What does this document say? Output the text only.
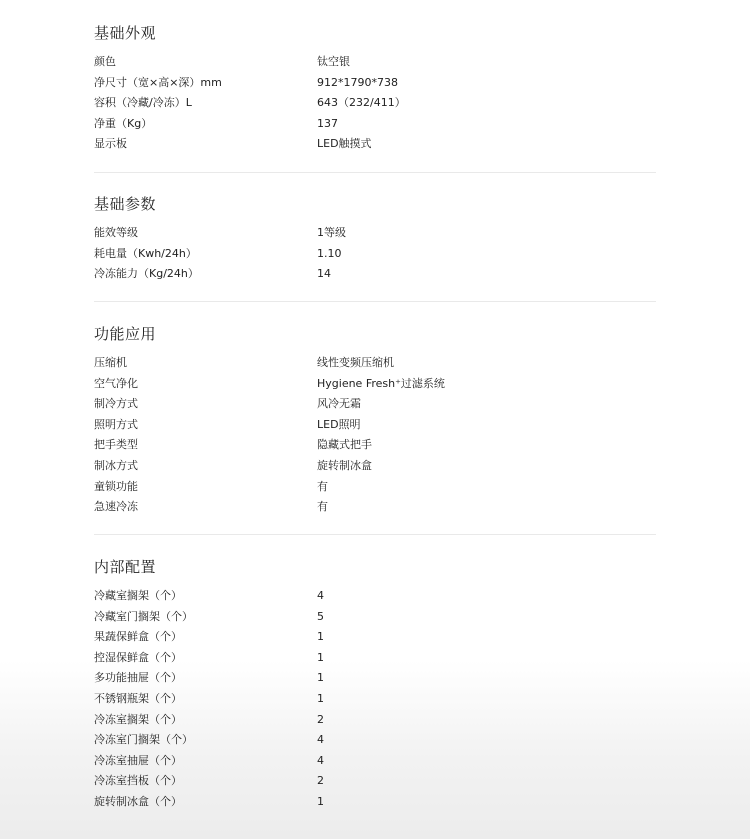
基础外观
颜色	钛空银
净尺寸（宽×高×深）mm	912*1790*738
容积（冷藏/冷冻）L	643（232/411）
净重（Kg）	137
显示板	LED触摸式
基础参数
能效等级	1等级
耗电量（Kwh/24h）	1.10
冷冻能力（Kg/24h）	14
功能应用
压缩机	线性变频压缩机
空气净化	Hygiene Fresh⁺过滤系统
制冷方式	风冷无霜
照明方式	LED照明
把手类型	隐藏式把手
制冰方式	旋转制冰盒
童锁功能	有
急速冷冻	有
内部配置
冷藏室搁架（个）	4
冷藏室门搁架（个）	5
果蔬保鲜盒（个）	1
控湿保鲜盒（个）	1
多功能抽屉（个）	1
不锈钢瓶架（个）	1
冷冻室搁架（个）	2
冷冻室门搁架（个）	4
冷冻室抽屉（个）	4
冷冻室挡板（个）	2
旋转制冰盒（个）	1
